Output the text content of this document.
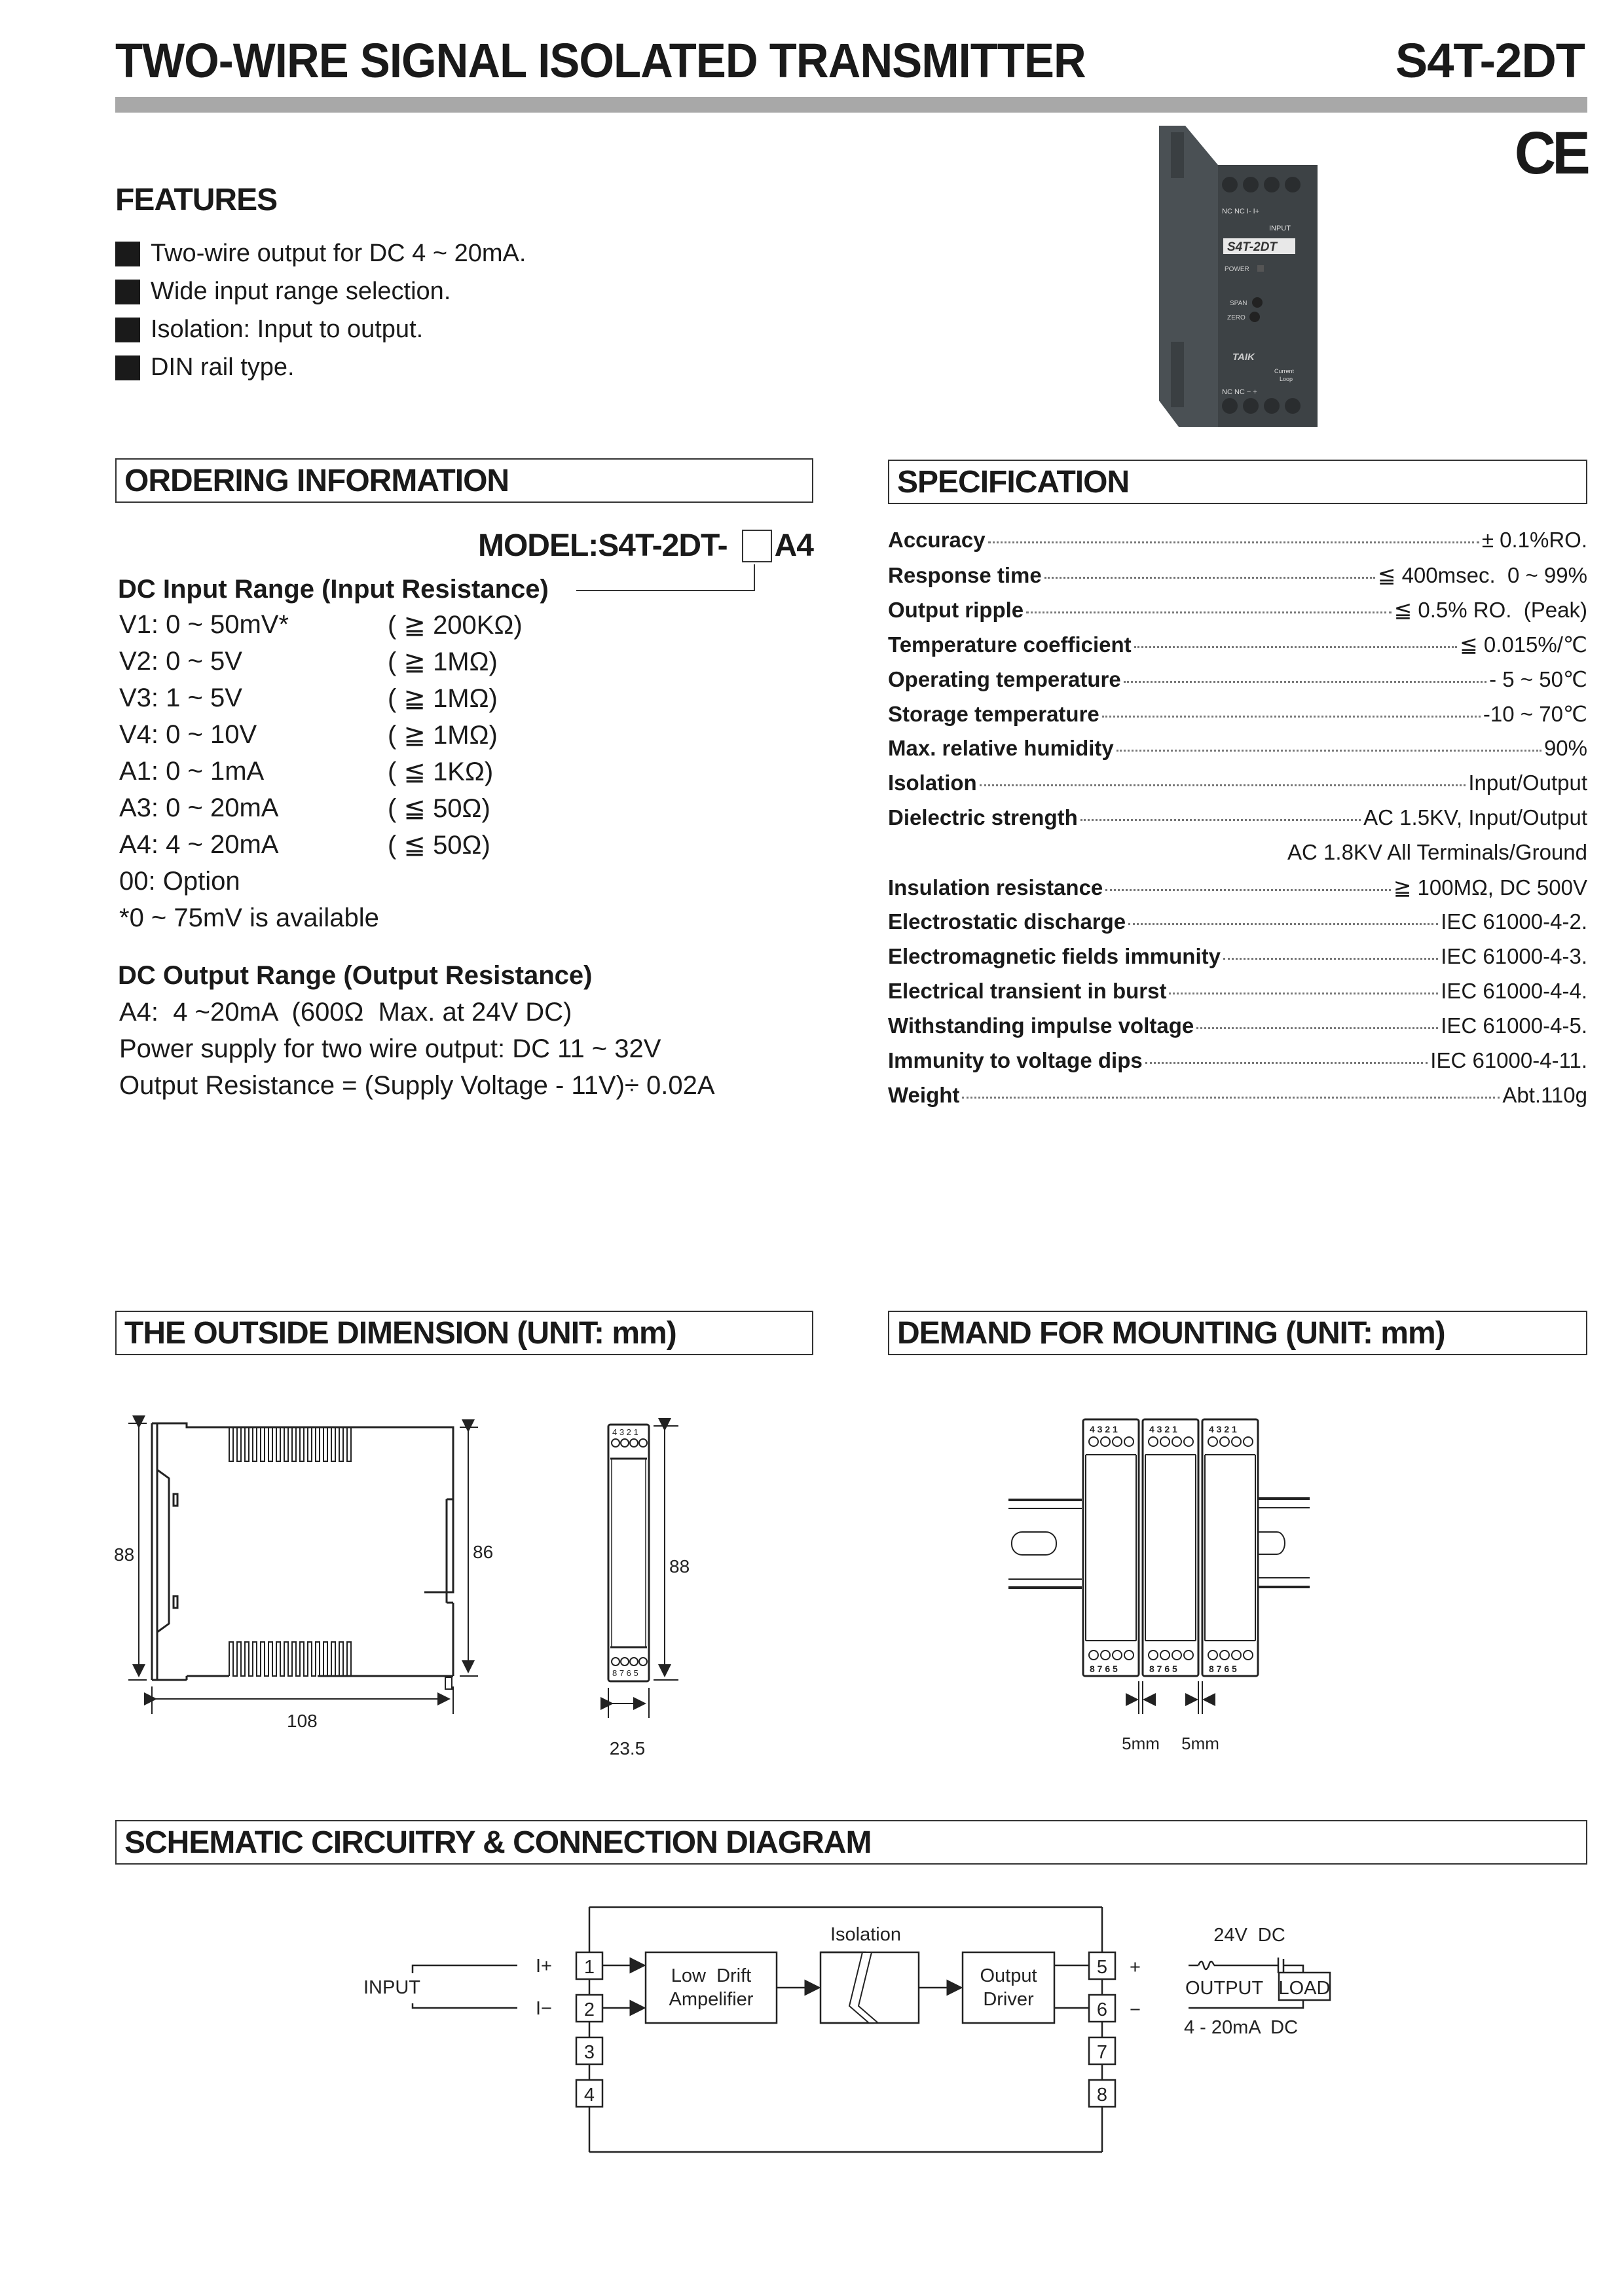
TWO-WIRE SIGNAL ISOLATED TRANSMITTER	S4T-2DT
CE
NC NC I- I+
INPUT
S4T-2DT
POWER
SPAN
ZERO
TAIK
NC NC − +
Current
Loop
FEATURES
Two-wire output for DC 4 ~ 20mA.
Wide input range selection.
Isolation: Input to output.
DIN rail type.
ORDERING INFORMATION
MODEL:S4T-2DT- A4
DC Input Range (Input Resistance)
V1: 0 ~ 50mV*	( ≧ 200KΩ)
V2: 0 ~ 5V	( ≧ 1MΩ)
V3: 1 ~ 5V	( ≧ 1MΩ)
V4: 0 ~ 10V	( ≧ 1MΩ)
A1: 0 ~ 1mA	( ≦ 1KΩ)
A3: 0 ~ 20mA	( ≦ 50Ω)
A4: 4 ~ 20mA	( ≦ 50Ω)
00: Option
*0 ~ 75mV is available
DC Output Range (Output Resistance)
A4:  4 ~20mA  (600Ω  Max. at 24V DC)
Power supply for two wire output: DC 11 ~ 32V
Output Resistance = (Supply Voltage - 11V)÷ 0.02A
SPECIFICATION
Accuracy	± 0.1%RO.
Response time	≦ 400msec.  0 ~ 99%
Output ripple	≦ 0.5% RO.  (Peak)
Temperature coefficient	≦ 0.015%/℃
Operating temperature	- 5 ~ 50℃
Storage temperature	-10 ~ 70℃
Max. relative humidity	90%
Isolation	Input/Output
Dielectric strength	AC 1.5KV, Input/Output
AC 1.8KV All Terminals/Ground
Insulation resistance	≧ 100MΩ, DC 500V
Electrostatic discharge	IEC 61000-4-2.
Electromagnetic fields immunity	IEC 61000-4-3.
Electrical transient in burst	IEC 61000-4-4.
Withstanding impulse voltage	IEC 61000-4-5.
Immunity to voltage dips	IEC 61000-4-11.
Weight	Abt.110g
THE OUTSIDE DIMENSION (UNIT: mm)
88	86
108
4 3 2 1
8 7 6 5
88
23.5
DEMAND FOR MOUNTING (UNIT: mm)
4 3 2 1	4 3 2 1	4 3 2 1
8 7 6 5	8 7 6 5	8 7 6 5
5mm 5mm
SCHEMATIC CIRCUITRY & CONNECTION DIAGRAM
INPUT
I+
I−
1
2
3
4
5
6
7
8
Low  Drift
Ampelifier
Isolation
Output
Driver
+
−
24V  DC
OUTPUT LOAD
4 - 20mA  DC
